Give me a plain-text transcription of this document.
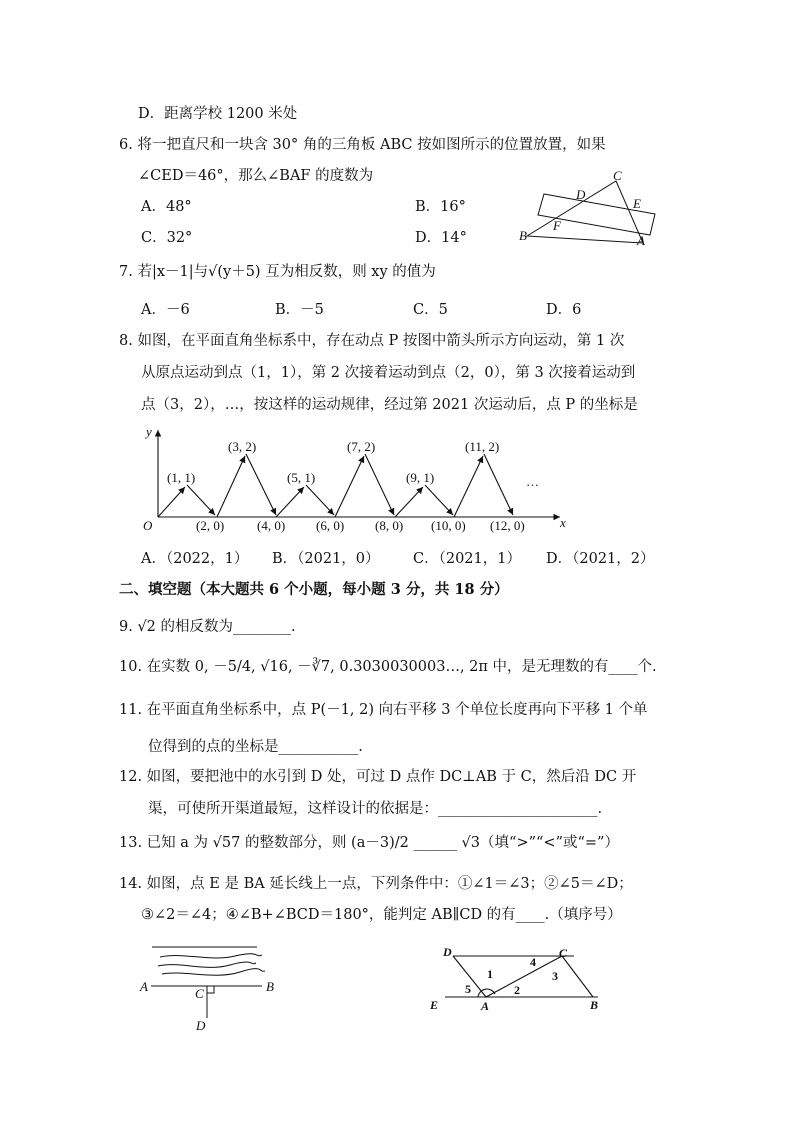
D．距离学校 1200 米处
6. 将一把直尺和一块含 30° 角的三角板 ABC 按如图所示的位置放置，如果
∠CED＝46°，那么∠BAF 的度数为
A．48°	B．16°
C．32°	D．14°
C
D
E
F
B	A
7. 若|x－1|与√(y＋5) 互为相反数，则 xy 的值为
A．－6	B．－5	C．5	D．6
8. 如图，在平面直角坐标系中，存在动点 P 按图中箭头所示方向运动，第 1 次
从原点运动到点（1，1），第 2 次接着运动到点（2，0），第 3 次接着运动到
点（3，2），…，按这样的运动规律，经过第 2021 次运动后，点 P 的坐标是
y
x
O
…
(1, 1)
(3, 2)
(5, 1)
(7, 2)
(9, 1)
(11, 2)
(2, 0)	(4, 0) (6, 0) (8, 0) (10, 0) (12, 0)
A．（2022，1） B．（2021，0） C．（2021，1） D．（2021，2）
二、填空题（本大题共 6 个小题，每小题 3 分，共 18 分）
9. √2 的相反数为________.
10. 在实数 0, －5/4, √16, －∛7, 0.3030030003…, 2π 中，是无理数的有____个.
11. 在平面直角坐标系中，点 P(－1, 2) 向右平移 3 个单位长度再向下平移 1 个单
位得到的点的坐标是___________.
12. 如图，要把池中的水引到 D 处，可过 D 点作 DC⊥AB 于 C，然后沿 DC 开
渠，可使所开渠道最短，这样设计的依据是：______________________.
13. 已知 a 为 √57 的整数部分，则 (a－3)/2 ______ √3（填“>”“<”或“=”）
14. 如图，点 E 是 BA 延长线上一点，下列条件中：①∠1＝∠3；②∠5＝∠D；
③∠2＝∠4；④∠B+∠BCD＝180°，能判定 AB∥CD 的有____.（填序号）
A	C	B
D
D	C
4
1	3
5	2
E	A	B
